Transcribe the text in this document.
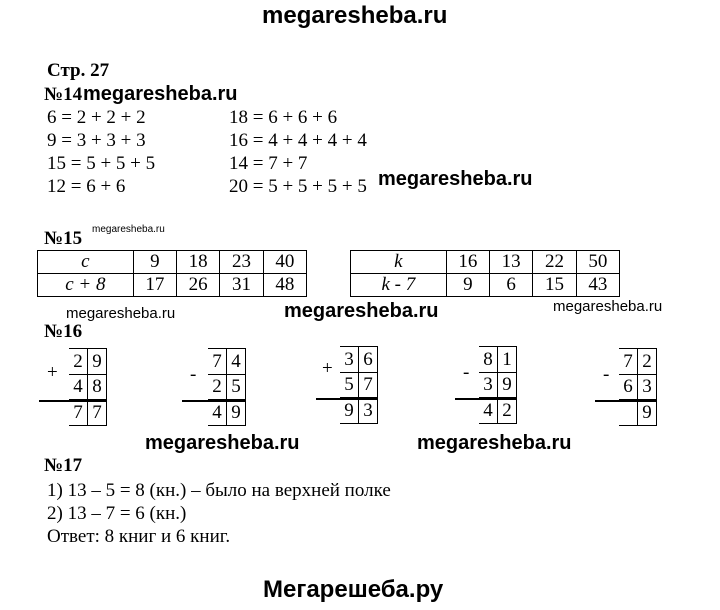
megaresheba.ru
megaresheba.ru
megaresheba.ru
megaresheba.ru
megaresheba.ru	megaresheba.ru	megaresheba.ru
megaresheba.ru	megaresheba.ru
Мегарешеба.ру
Стр. 27
№14
6 = 2 + 2 + 2
9 = 3 + 3 + 3
15 = 5 + 5 + 5
12 = 6 + 6
18 = 6 + 6 + 6
16 = 4 + 4 + 4 + 4
14 = 7 + 7
20 = 5 + 5 + 5 + 5
№15
c	9	18	23	40
c + 8	17	26	31	48
k	16	13	22	50
k - 7	9	6	15	43
№16
2 9
4 8
7 7
+
7 4
2 5
4 9
-
3 6
5 7
9 3
+	8 1
3 9
4 2
-
7 2
6 3
9
-
№17
1) 13 – 5 = 8 (кн.) – было на верхней полке
2) 13 – 7 = 6 (кн.)
Ответ: 8 книг и 6 книг.
